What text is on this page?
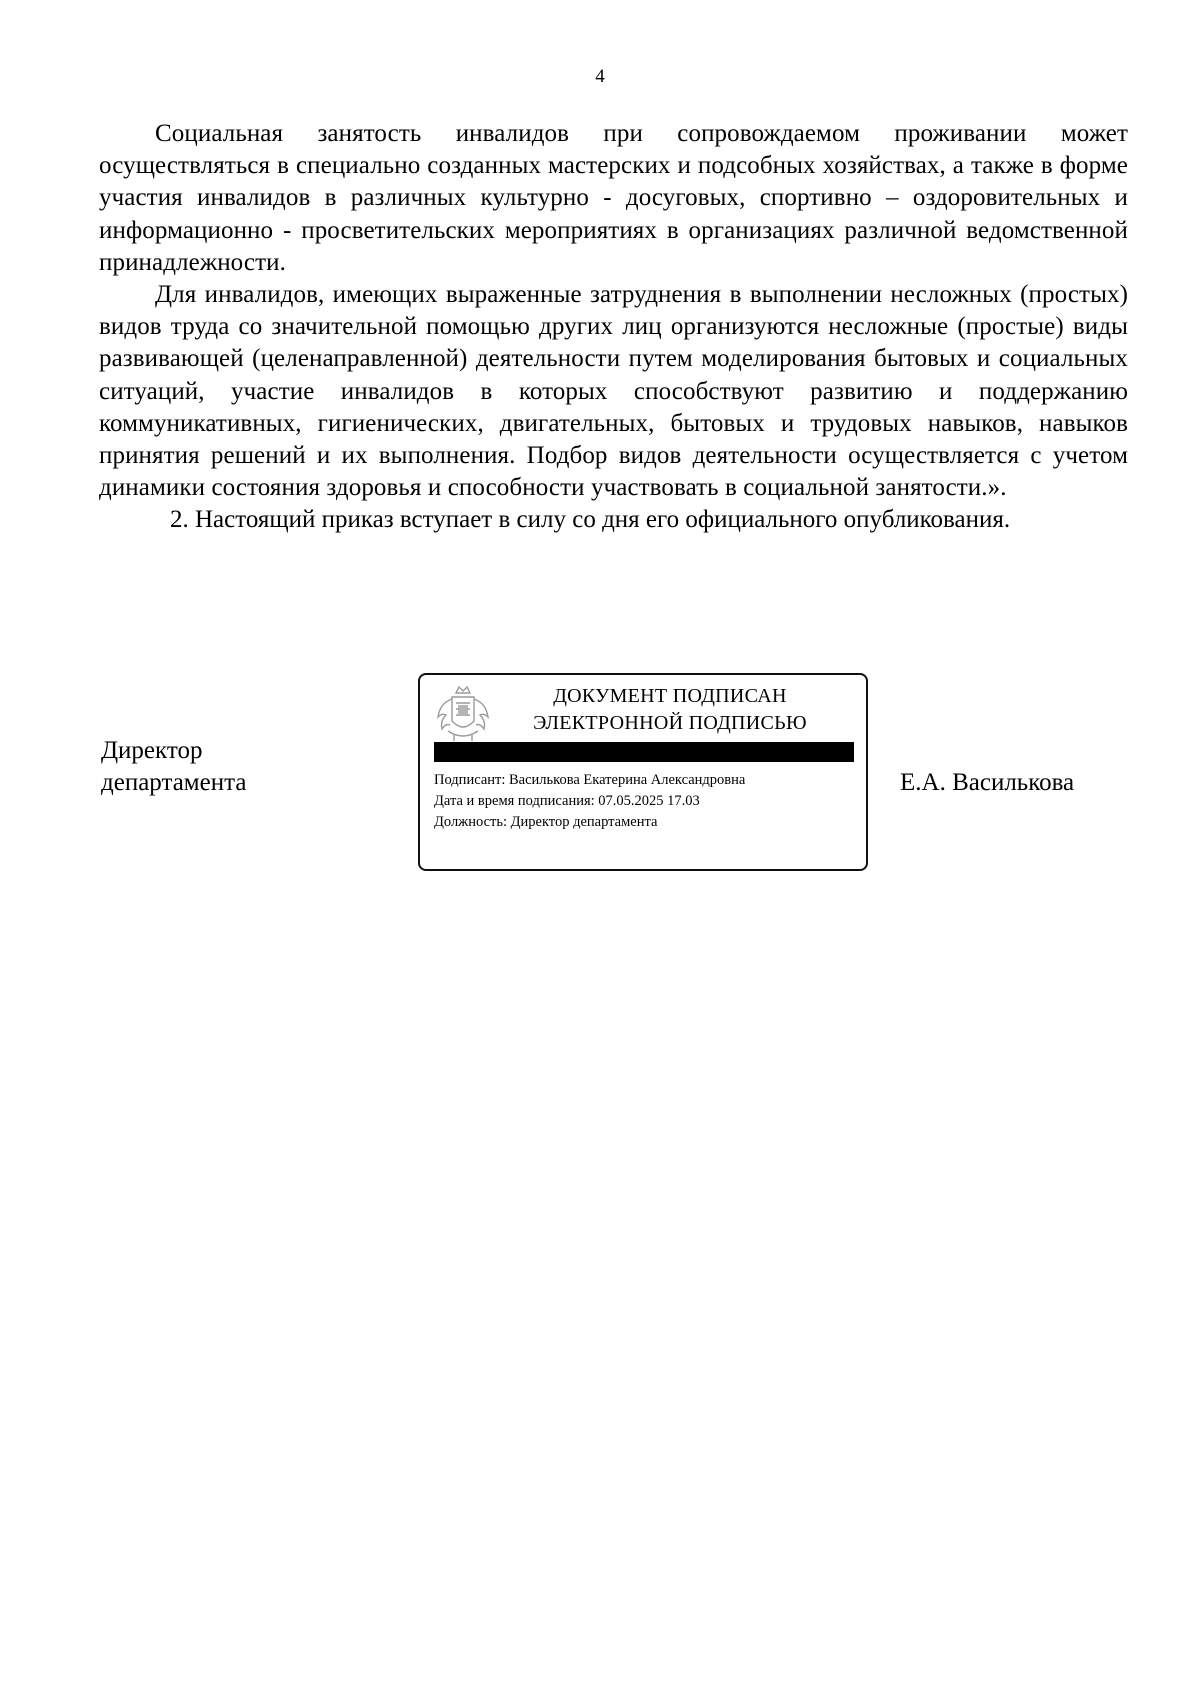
4

Социальная занятость инвалидов при сопровождаемом проживании может осуществляться в специально созданных мастерских и подсобных хозяйствах, а также в форме участия инвалидов в различных культурно - досуговых, спортивно – оздоровительных и информационно - просветительских мероприятиях в организациях различной ведомственной принадлежности.

Для инвалидов, имеющих выраженные затруднения в выполнении несложных (простых) видов труда со значительной помощью других лиц организуются несложные (простые) виды развивающей (целенаправленной) деятельности путем моделирования бытовых и социальных ситуаций, участие инвалидов в которых способствуют развитию и поддержанию коммуникативных, гигиенических, двигательных, бытовых и трудовых навыков, навыков принятия решений и их выполнения. Подбор видов деятельности осуществляется с учетом динамики состояния здоровья и способности участвовать в социальной занятости.».

2. Настоящий приказ вступает в силу со дня его официального опубликования.

Директор
департамента
ДОКУМЕНТ ПОДПИСАН
ЭЛЕКТРОННОЙ ПОДПИСЬЮ
Подписант: Василькова Екатерина Александровна
Дата и время подписания: 07.05.2025 17.03
Должность: Директор департамента
Е.А. Василькова
